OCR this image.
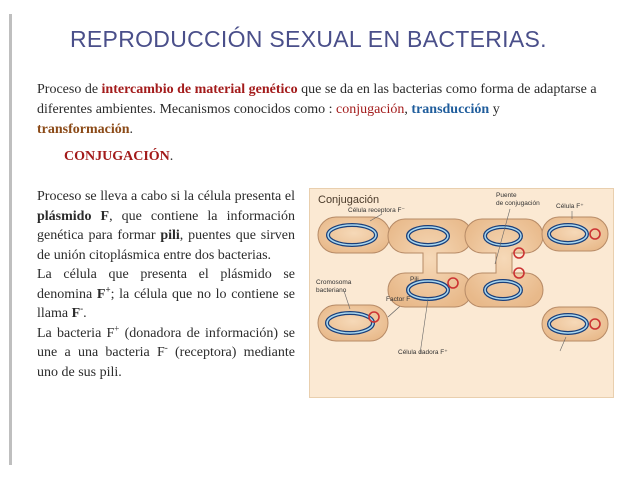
REPRODUCCIÓN SEXUAL EN BACTERIAS.
Proceso de intercambio de material genético que se da en las bacterias como forma de adaptarse a diferentes ambientes. Mecanismos conocidos como : conjugación, transducción y transformación.
CONJUGACIÓN.
Proceso se lleva a cabo si la célula presenta el plásmido F, que contiene la información genética para formar pili, puentes que sirven de unión citoplásmica entre dos bacterias.
La célula que presenta el plásmido se denomina F+; la célula que no lo contiene se llama F-.
La bacteria F+ (donadora de información) se une a una bacteria F- (receptora) mediante uno de sus pili.
Conjugación
Célula receptora F⁻
Puente
de conjugación	Célula F⁺
Cromosoma
bacteriano
Factor F
Pili
Célula dadora F⁺
